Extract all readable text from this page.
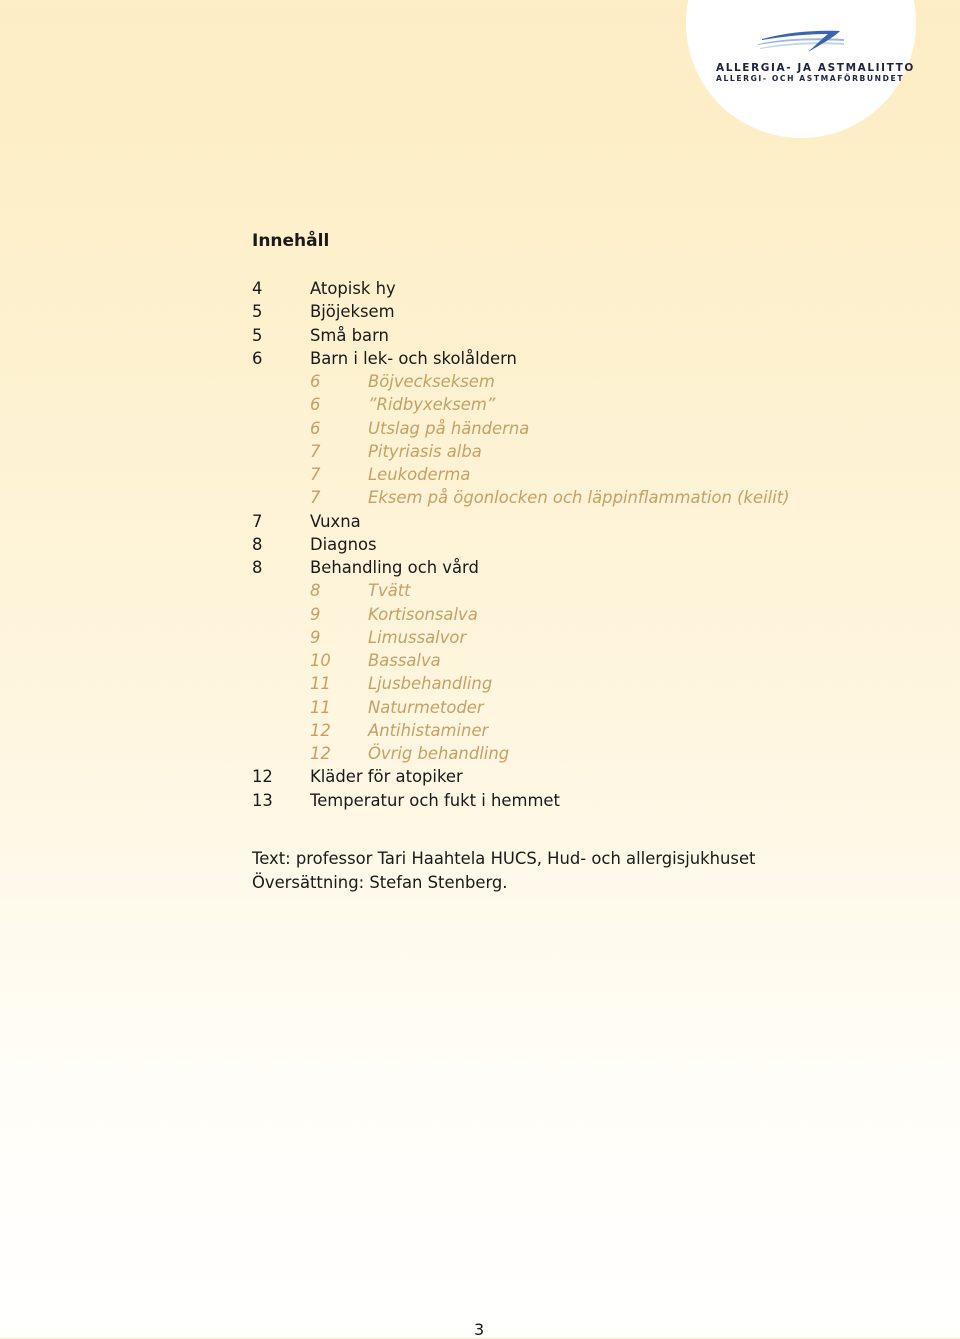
ALLERGIA- JA ASTMALIITTO
ALLERGI- OCH ASTMAFÖRBUNDET
Innehåll
4	Atopisk hy
5	Bjöjeksem
5	Små barn
6	Barn i lek- och skolåldern
6	Böjveckseksem
6	”Ridbyxeksem”
6	Utslag på händerna
7	Pityriasis alba
7	Leukoderma
7	Eksem på ögonlocken och läppinflammation (keilit)
7	Vuxna
8	Diagnos
8	Behandling och vård
8	Tvätt
9	Kortisonsalva
9	Limussalvor
10 Bassalva
11 Ljusbehandling
11 Naturmetoder
12 Antihistaminer
12 Övrig behandling
12 Kläder för atopiker
13 Temperatur och fukt i hemmet
Text: professor Tari Haahtela HUCS, Hud- och allergisjukhuset
Översättning: Stefan Stenberg.
3
